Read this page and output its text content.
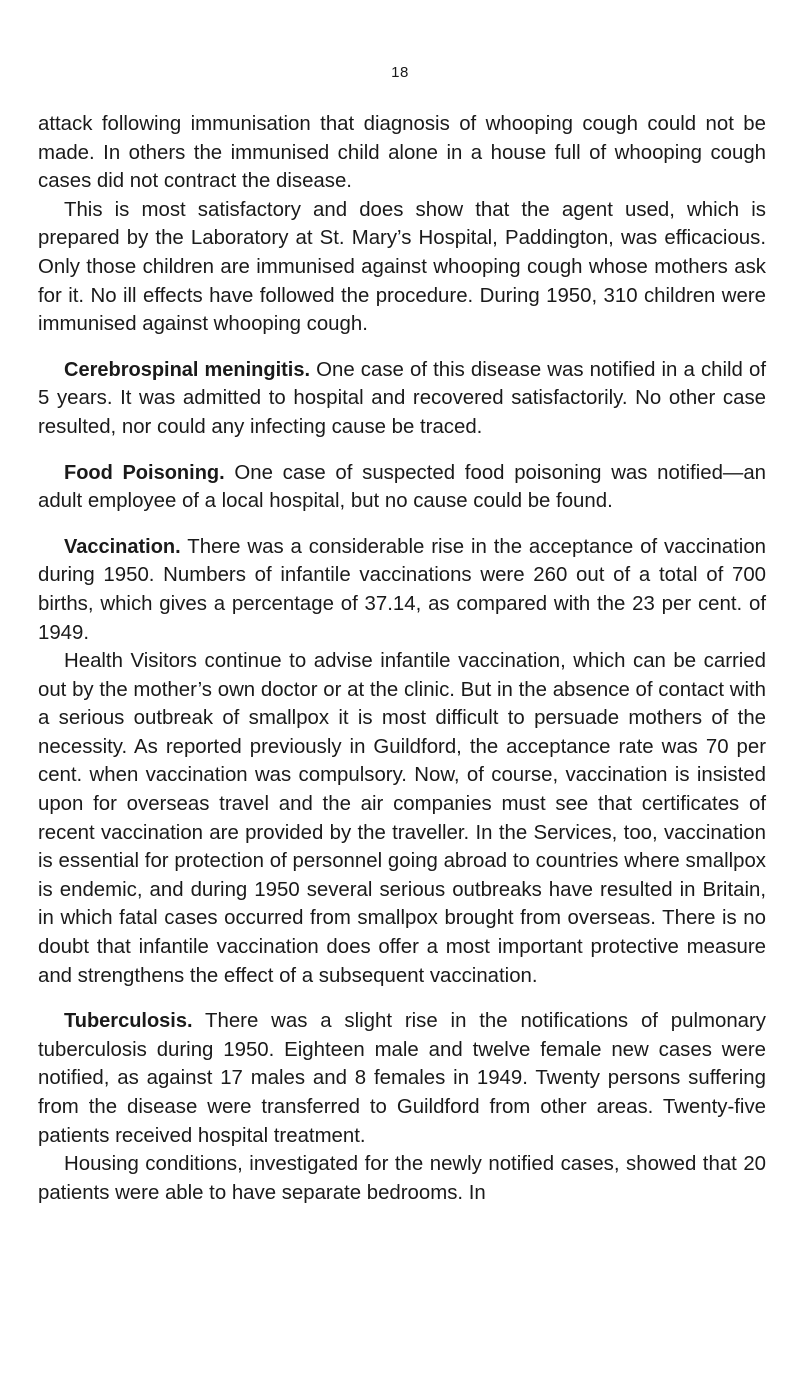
18

attack following immunisation that diagnosis of whooping cough could not be made. In others the immunised child alone in a house full of whooping cough cases did not contract the disease.

This is most satisfactory and does show that the agent used, which is prepared by the Laboratory at St. Mary’s Hospital, Paddington, was efficacious. Only those children are immunised against whooping cough whose mothers ask for it. No ill effects have followed the procedure. During 1950, 310 children were immunised against whooping cough.

Cerebrospinal meningitis. One case of this disease was notified in a child of 5 years. It was admitted to hospital and recovered satisfactorily. No other case resulted, nor could any infecting cause be traced.

Food Poisoning. One case of suspected food poisoning was notified—an adult employee of a local hospital, but no cause could be found.

Vaccination. There was a considerable rise in the acceptance of vaccination during 1950. Numbers of infantile vaccinations were 260 out of a total of 700 births, which gives a percentage of 37.14, as compared with the 23 per cent. of 1949.

Health Visitors continue to advise infantile vaccination, which can be carried out by the mother’s own doctor or at the clinic. But in the absence of contact with a serious outbreak of smallpox it is most difficult to persuade mothers of the necessity. As reported previously in Guildford, the acceptance rate was 70 per cent. when vaccination was compulsory. Now, of course, vaccination is insisted upon for overseas travel and the air companies must see that certificates of recent vaccination are provided by the traveller. In the Services, too, vaccination is essential for protection of personnel going abroad to countries where smallpox is endemic, and during 1950 several serious outbreaks have resulted in Britain, in which fatal cases occurred from smallpox brought from overseas. There is no doubt that infantile vaccination does offer a most important protective measure and strengthens the effect of a subsequent vaccination.

Tuberculosis. There was a slight rise in the notifications of pulmonary tuberculosis during 1950. Eighteen male and twelve female new cases were notified, as against 17 males and 8 females in 1949. Twenty persons suffering from the disease were transferred to Guildford from other areas. Twenty-five patients received hospital treatment.

Housing conditions, investigated for the newly notified cases, showed that 20 patients were able to have separate bedrooms. In
